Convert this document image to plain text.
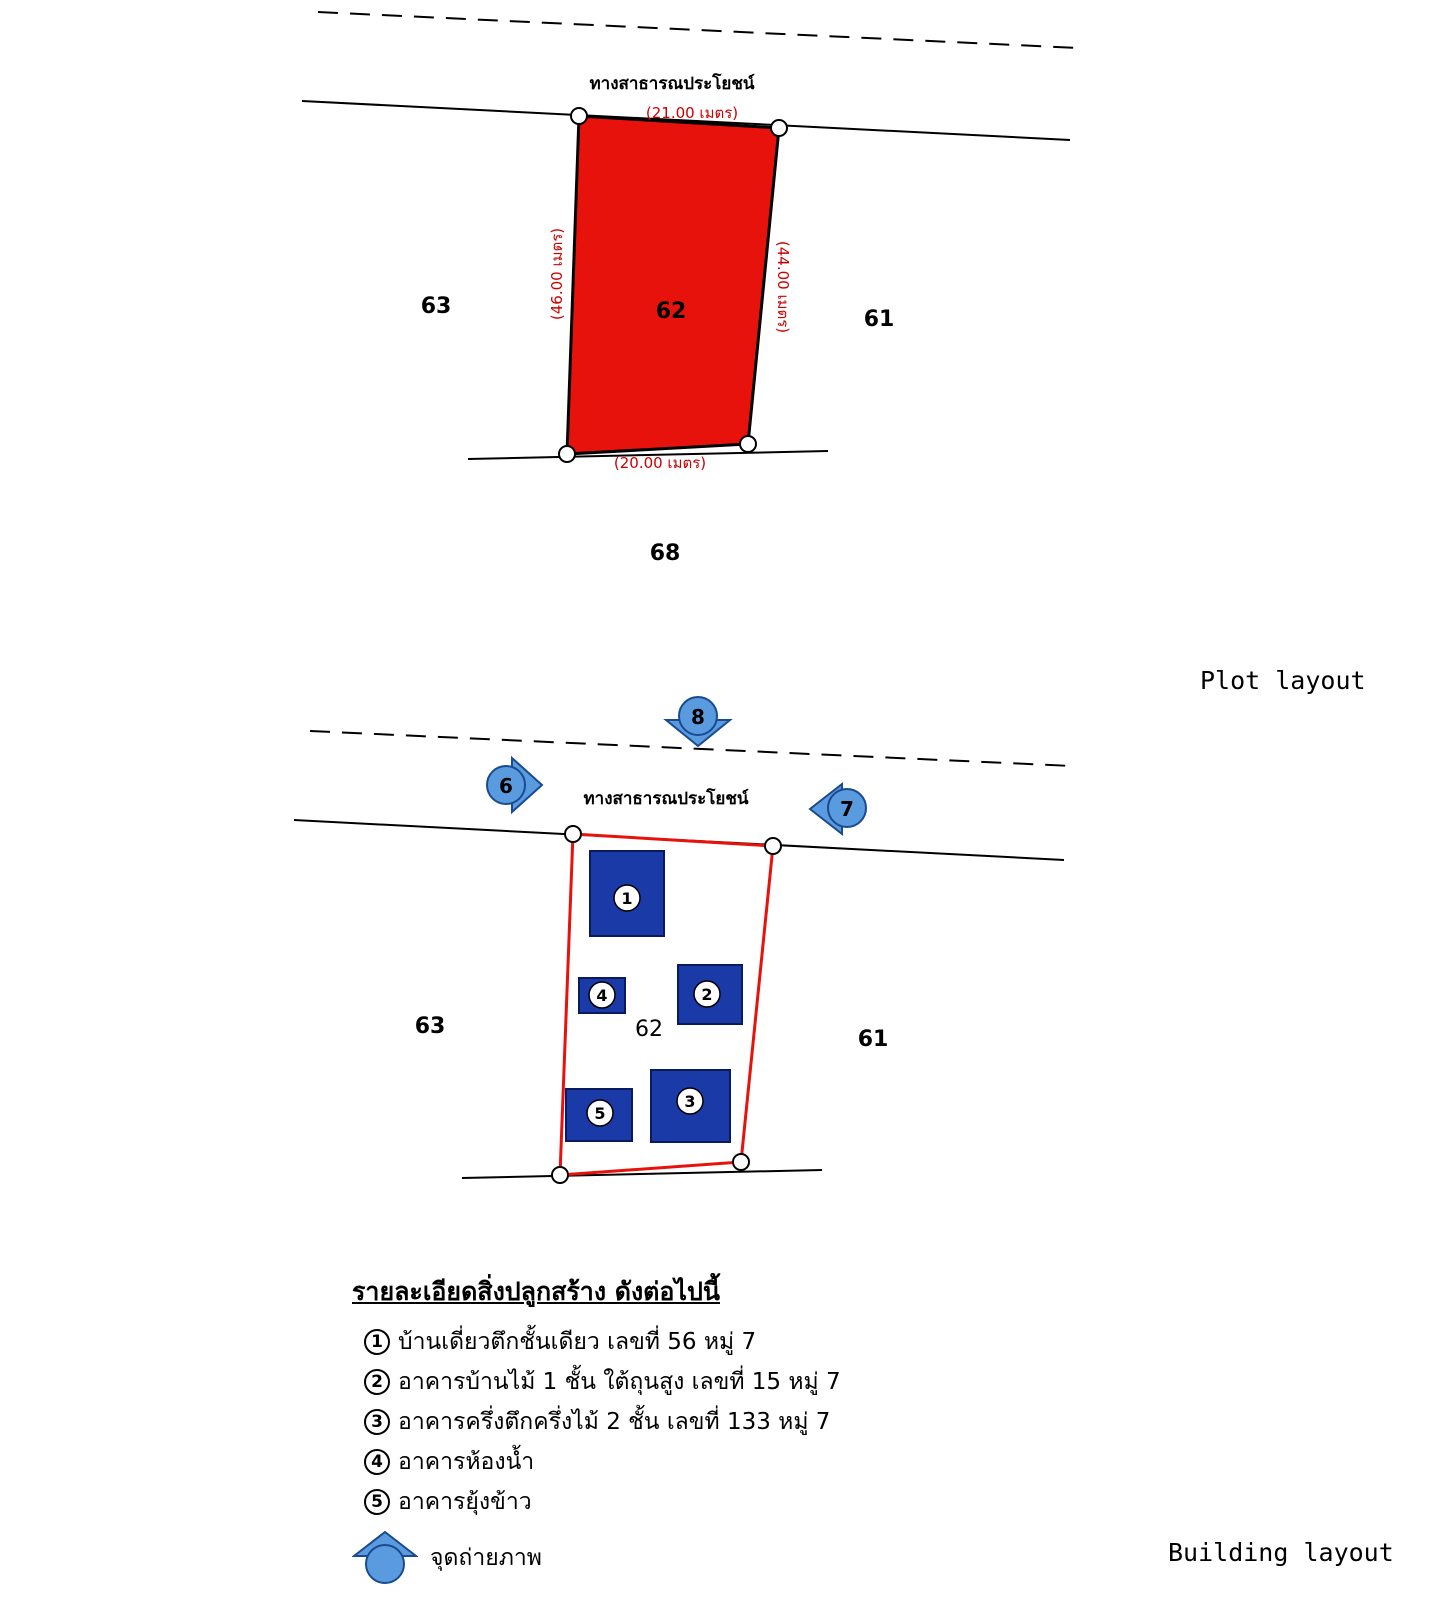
ทางสาธารณประโยชน์
(21.00 เมตร)
(20.00 เมตร)
(46.00 เมตร)	(44.00 เมตร)
62
63
61
68
ทางสาธารณประโยชน์
1
2
3
4
5
62
63
61
8
6
7
รายละเอียดสิ่งปลูกสร้าง ดังต่อไปนี้
1 บ้านเดี่ยวตึกชั้นเดียว เลขที่ 56 หมู่ 7
2 อาคารบ้านไม้ 1 ชั้น ใต้ถุนสูง เลขที่ 15 หมู่ 7
3 อาคารครึ่งตึกครึ่งไม้ 2 ชั้น เลขที่ 133 หมู่ 7
4 อาคารห้องน้ำ
5 อาคารยุ้งข้าว
จุดถ่ายภาพ
Plot layout
Building layout
